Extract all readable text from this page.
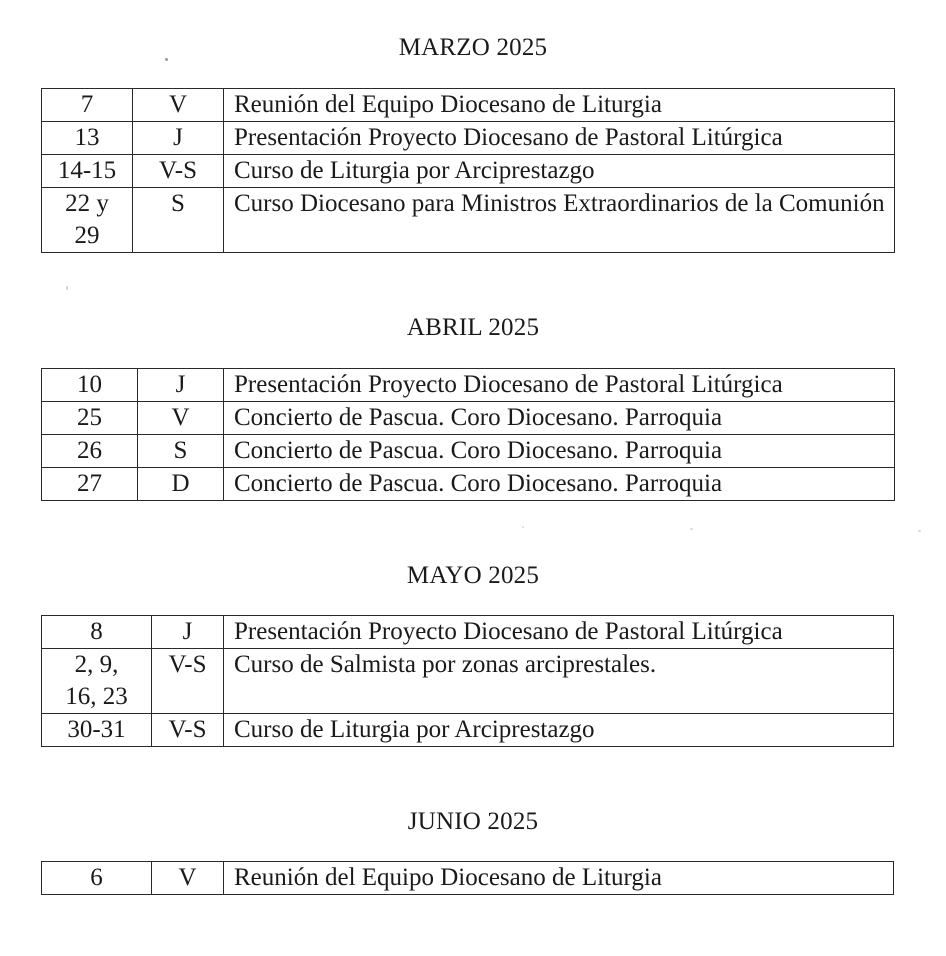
MARZO 2025
7	V	Reunión del Equipo Diocesano de Liturgia
13	J	Presentación Proyecto Diocesano de Pastoral Litúrgica
14-15	V-S	Curso de Liturgia por Arciprestazgo
22 y 29	S	Curso Diocesano para Ministros Extraordinarios de la Comunión
ABRIL 2025
10	J	Presentación Proyecto Diocesano de Pastoral Litúrgica
25	V	Concierto de Pascua. Coro Diocesano. Parroquia
26	S	Concierto de Pascua. Coro Diocesano. Parroquia
27	D	Concierto de Pascua. Coro Diocesano. Parroquia
MAYO 2025
8	J	Presentación Proyecto Diocesano de Pastoral Litúrgica
2, 9, 16, 23	V-S	Curso de Salmista por zonas arciprestales.
30-31	V-S	Curso de Liturgia por Arciprestazgo
JUNIO 2025
6	V	Reunión del Equipo Diocesano de Liturgia
